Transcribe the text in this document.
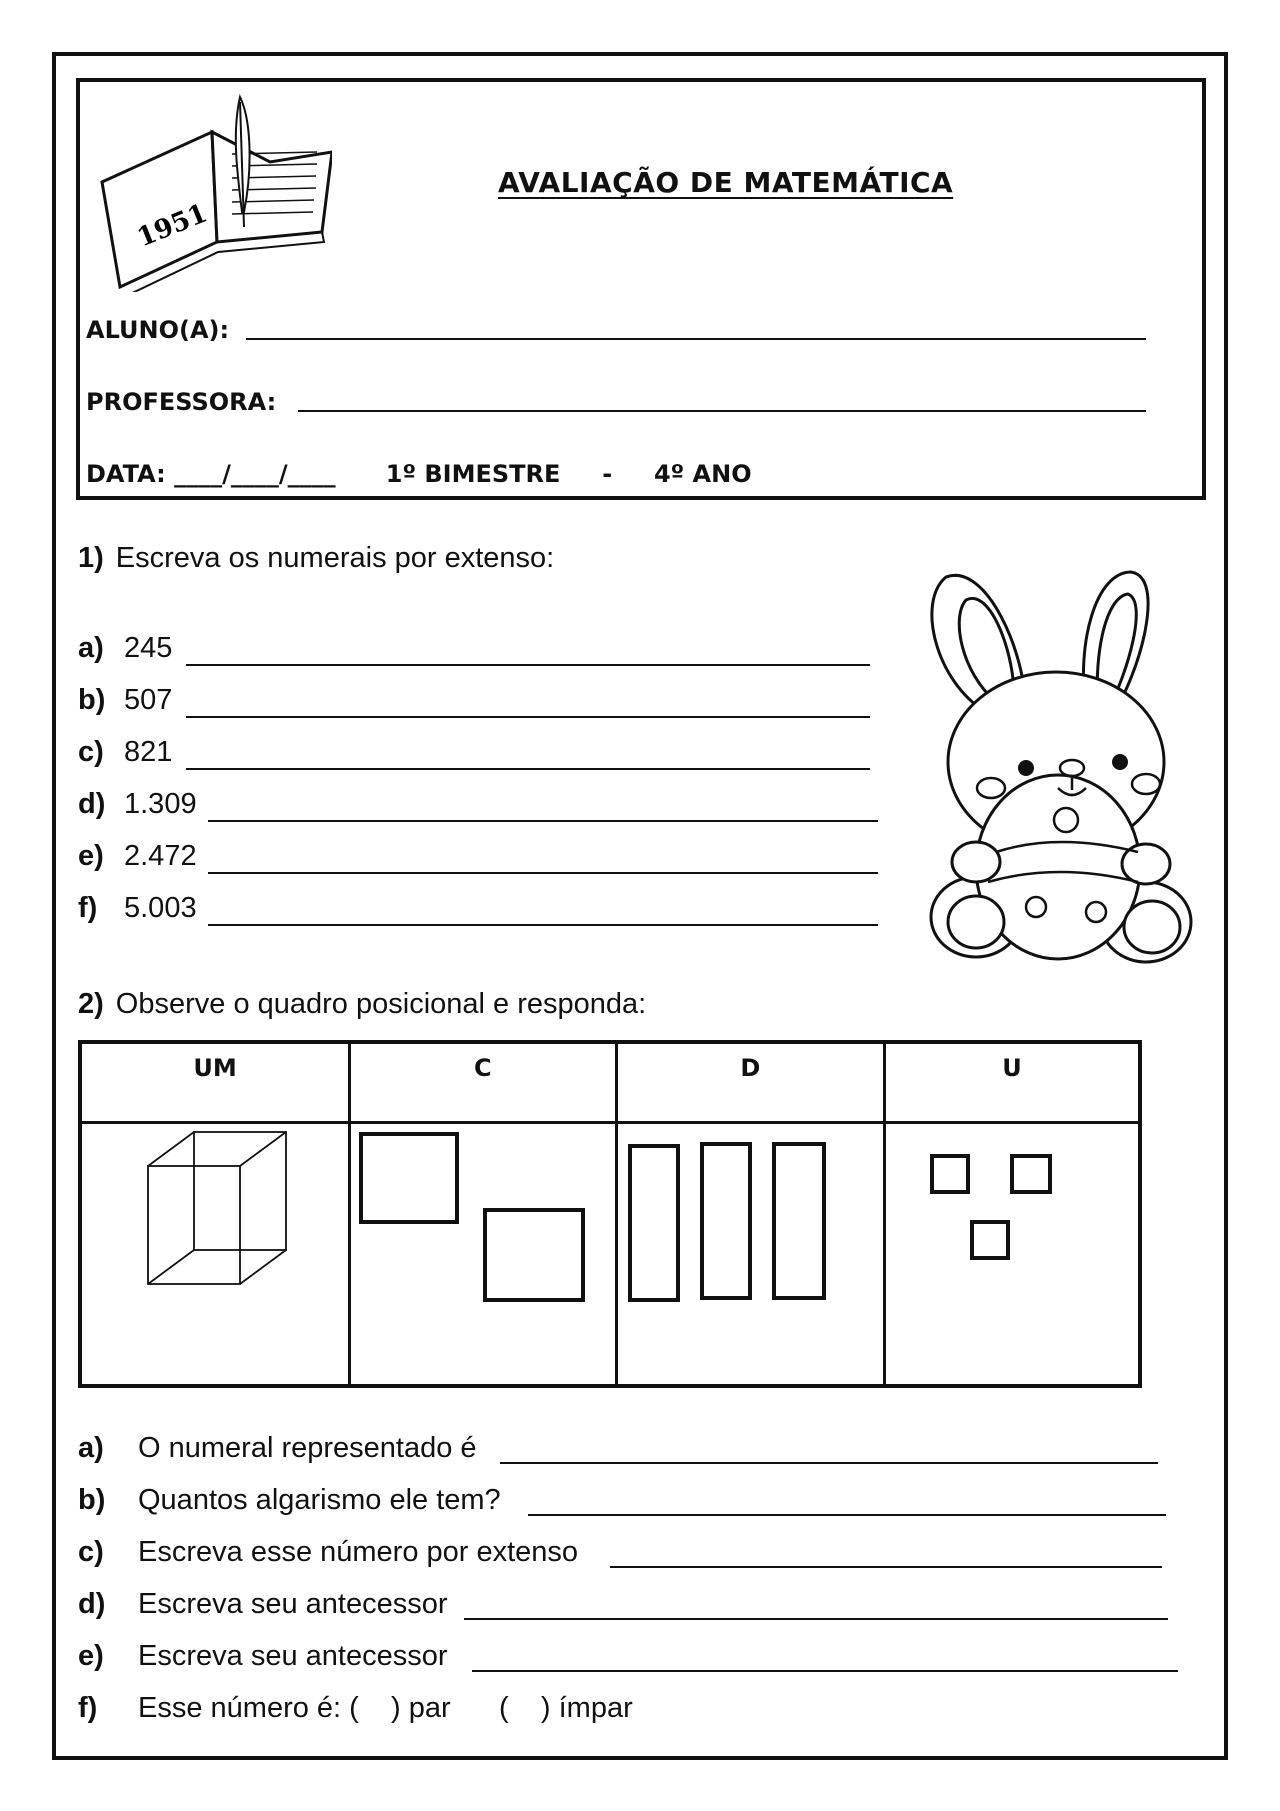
1951
AVALIAÇÃO DE MATEMÁTICA
ALUNO(A):
PROFESSORA:
DATA: ____/____/____ 1º BIMESTRE - 4º ANO
1) Escreva os numerais por extenso:
a) 245
b) 507
c) 821
d) 1.309
e) 2.472
f) 5.003
2) Observe o quadro posicional e responda:
UM	C	D	U

a) O numeral representado é
b) Quantos algarismo ele tem?
c) Escreva esse número por extenso
d) Escreva seu antecessor
e) Escreva seu antecessor
f) Esse número é: (    ) par      (    ) ímpar
